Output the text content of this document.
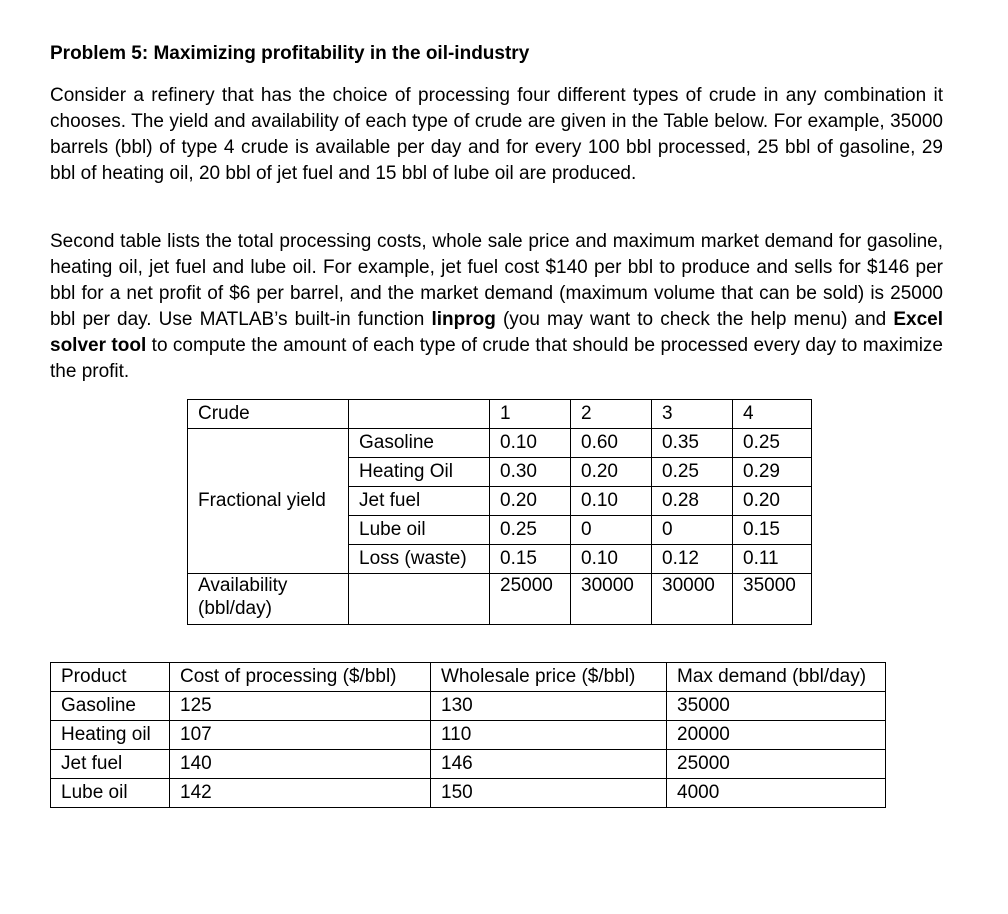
Problem 5: Maximizing profitability in the oil-industry

Consider a refinery that has the choice of processing four different types of crude in any combination it chooses. The yield and availability of each type of crude are given in the Table below. For example, 35000 barrels (bbl) of type 4 crude is available per day and for every 100 bbl processed, 25 bbl of gasoline, 29 bbl of heating oil, 20 bbl of jet fuel and 15 bbl of lube oil are produced.

Second table lists the total processing costs, whole sale price and maximum market demand for gasoline, heating oil, jet fuel and lube oil. For example, jet fuel cost $140 per bbl to produce and sells for $146 per bbl for a net profit of $6 per barrel, and the market demand (maximum volume that can be sold) is 25000 bbl per day. Use MATLAB’s built-in function linprog (you may want to check the help menu) and Excel solver tool to compute the amount of each type of crude that should be processed every day to maximize the profit.

Crude		1	2	3	4
Fractional yield	Gasoline	0.10	0.60	0.35	0.25
	Heating Oil	0.30	0.20	0.25	0.29
	Jet fuel	0.20	0.10	0.28	0.20
	Lube oil	0.25	0	0	0.15
	Loss (waste)	0.15	0.10	0.12	0.11
Availability
(bbl/day)		25000	30000	30000	35000
Product	Cost of processing ($/bbl)	Wholesale price ($/bbl)	Max demand (bbl/day)
Gasoline	125	130	35000
Heating oil	107	110	20000
Jet fuel	140	146	25000
Lube oil	142	150	4000
